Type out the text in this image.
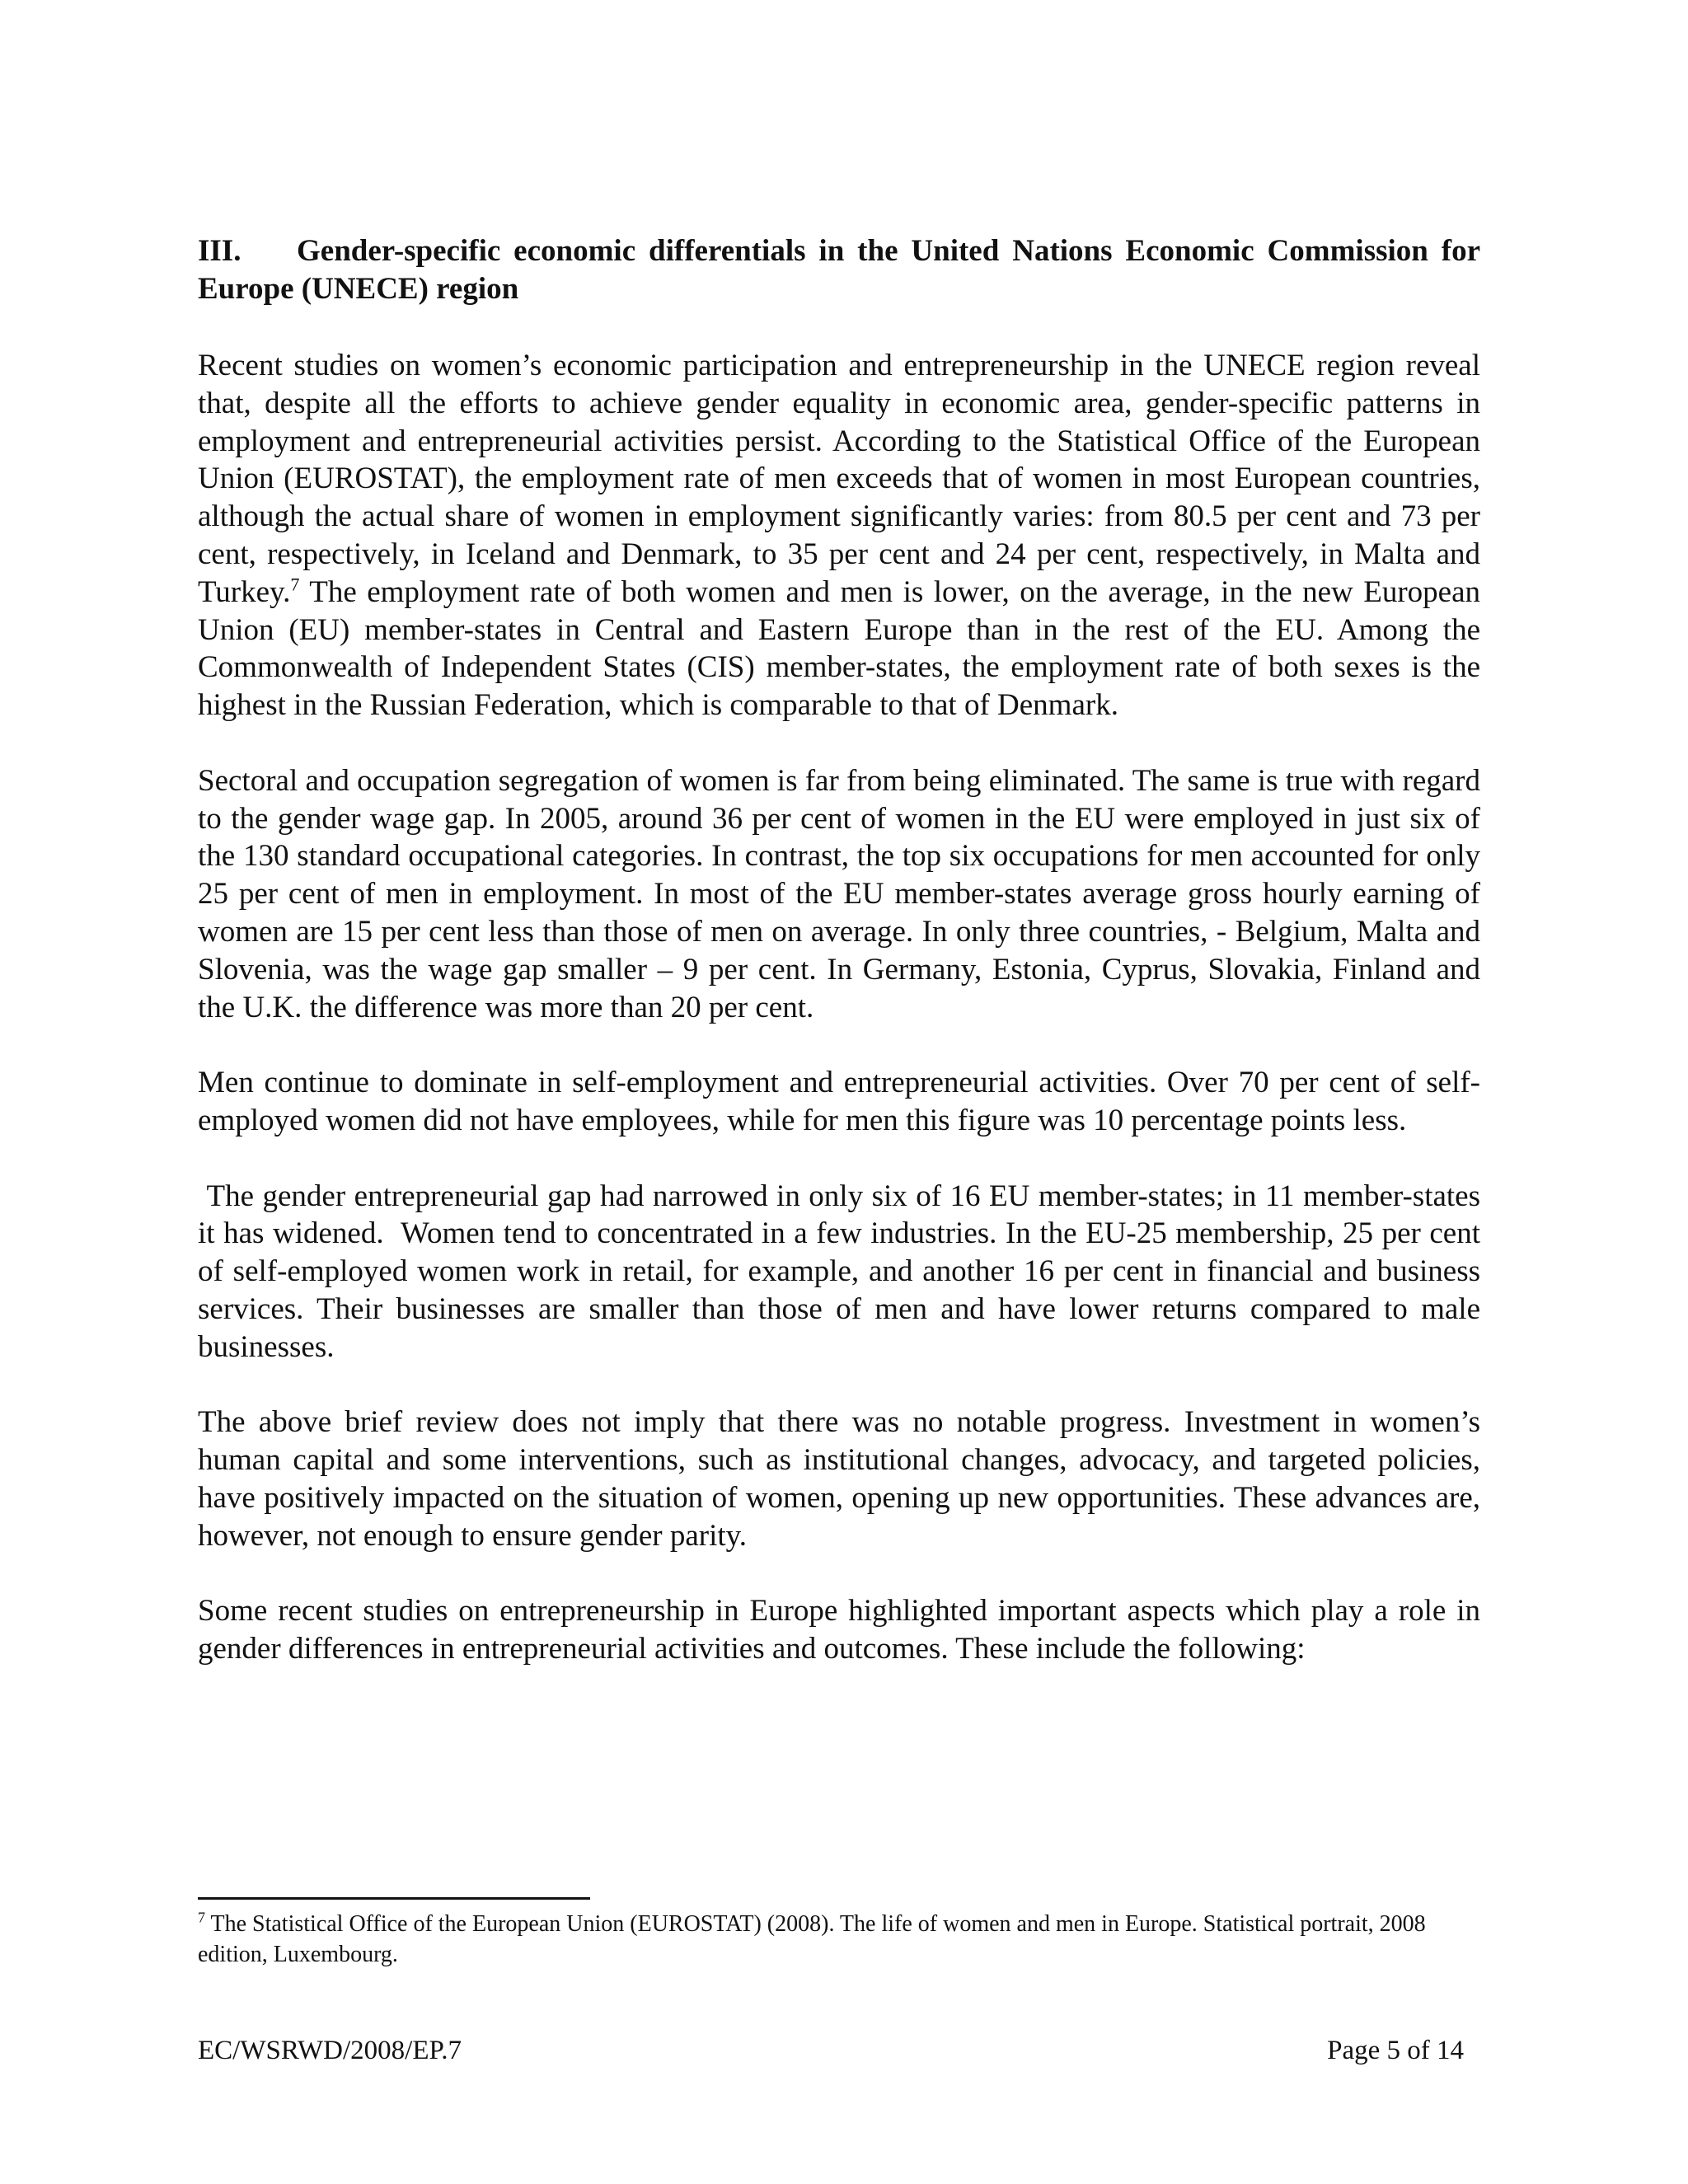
III. Gender-specific economic differentials in the United Nations Economic Commission for Europe (UNECE) region

Recent studies on women’s economic participation and entrepreneurship in the UNECE region reveal that, despite all the efforts to achieve gender equality in economic area, gender-specific patterns in employment and entrepreneurial activities persist. According to the Statistical Office of the European Union (EUROSTAT), the employment rate of men exceeds that of women in most European countries, although the actual share of women in employment significantly varies: from 80.5 per cent and 73 per cent, respectively, in Iceland and Denmark, to 35 per cent and 24 per cent, respectively, in Malta and Turkey.$^7$ The employment rate of both women and men is lower, on the average, in the new European Union (EU) member-states in Central and Eastern Europe than in the rest of the EU. Among the Commonwealth of Independent States (CIS) member-states, the employment rate of both sexes is the highest in the Russian Federation, which is comparable to that of Denmark.

Sectoral and occupation segregation of women is far from being eliminated. The same is true with regard to the gender wage gap. In 2005, around 36 per cent of women in the EU were employed in just six of the 130 standard occupational categories. In contrast, the top six occupations for men accounted for only 25 per cent of men in employment. In most of the EU member-states average gross hourly earning of women are 15 per cent less than those of men on average. In only three countries, - Belgium, Malta and Slovenia, was the wage gap smaller – 9 per cent. In Germany, Estonia, Cyprus, Slovakia, Finland and the U.K. the difference was more than 20 per cent.

Men continue to dominate in self-employment and entrepreneurial activities. Over 70 per cent of self-employed women did not have employees, while for men this figure was 10 percentage points less.

The gender entrepreneurial gap had narrowed in only six of 16 EU member-states; in 11 member-states it has widened.  Women tend to concentrated in a few industries. In the EU-25 membership, 25 per cent of self-employed women work in retail, for example, and another 16 per cent in financial and business services. Their businesses are smaller than those of men and have lower returns compared to male businesses.

The above brief review does not imply that there was no notable progress. Investment in women’s human capital and some interventions, such as institutional changes, advocacy, and targeted policies, have positively impacted on the situation of women, opening up new opportunities. These advances are, however, not enough to ensure gender parity.

Some recent studies on entrepreneurship in Europe highlighted important aspects which play a role in gender differences in entrepreneurial activities and outcomes. These include the following:

$^7$ The Statistical Office of the European Union (EUROSTAT) (2008). The life of women and men in Europe. Statistical portrait, 2008 edition, Luxembourg.
EC/WSRWD/2008/EP.7	Page 5 of 14
